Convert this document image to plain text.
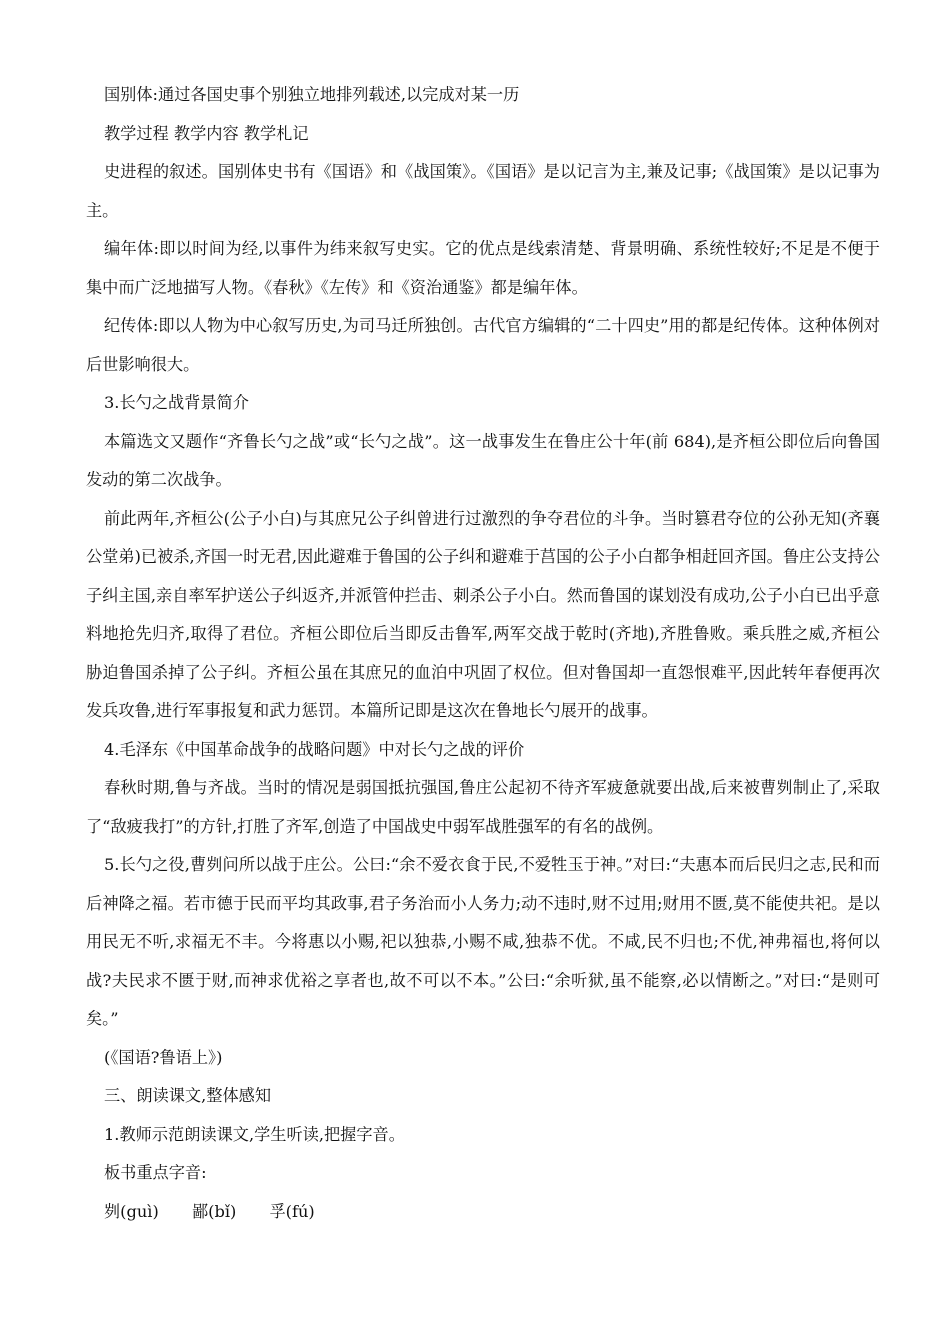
国别体:通过各国史事个别独立地排列载述,以完成对某一历

教学过程 教学内容 教学札记

史进程的叙述。国别体史书有《国语》和《战国策》。《国语》是以记言为主,兼及记事;《战国策》是以记事为主。

编年体:即以时间为经,以事件为纬来叙写史实。它的优点是线索清楚、背景明确、系统性较好;不足是不便于集中而广泛地描写人物。《春秋》《左传》和《资治通鉴》都是编年体。

纪传体:即以人物为中心叙写历史,为司马迁所独创。古代官方编辑的“二十四史”用的都是纪传体。这种体例对后世影响很大。

3.长勺之战背景简介

本篇选文又题作“齐鲁长勺之战”或“长勺之战”。这一战事发生在鲁庄公十年(前 684),是齐桓公即位后向鲁国发动的第二次战争。

前此两年,齐桓公(公子小白)与其庶兄公子纠曾进行过激烈的争夺君位的斗争。当时篡君夺位的公孙无知(齐襄公堂弟)已被杀,齐国一时无君,因此避难于鲁国的公子纠和避难于莒国的公子小白都争相赶回齐国。鲁庄公支持公子纠主国,亲自率军护送公子纠返齐,并派管仲拦击、刺杀公子小白。然而鲁国的谋划没有成功,公子小白已出乎意料地抢先归齐,取得了君位。齐桓公即位后当即反击鲁军,两军交战于乾时(齐地),齐胜鲁败。乘兵胜之威,齐桓公胁迫鲁国杀掉了公子纠。齐桓公虽在其庶兄的血泊中巩固了权位。但对鲁国却一直怨恨难平,因此转年春便再次发兵攻鲁,进行军事报复和武力惩罚。本篇所记即是这次在鲁地长勺展开的战事。

4.毛泽东《中国革命战争的战略问题》中对长勺之战的评价

春秋时期,鲁与齐战。当时的情况是弱国抵抗强国,鲁庄公起初不待齐军疲惫就要出战,后来被曹刿制止了,采取了“敌疲我打”的方针,打胜了齐军,创造了中国战史中弱军战胜强军的有名的战例。

5.长勺之役,曹刿问所以战于庄公。公曰:“余不爱衣食于民,不爱牲玉于神。”对曰:“夫惠本而后民归之志,民和而后神降之福。若市德于民而平均其政事,君子务治而小人务力;动不违时,财不过用;财用不匮,莫不能使共祀。是以用民无不听,求福无不丰。今将惠以小赐,祀以独恭,小赐不咸,独恭不优。不咸,民不归也;不优,神弗福也,将何以战?夫民求不匮于财,而神求优裕之享者也,故不可以不本。”公曰:“余听狱,虽不能察,必以情断之。”对曰:“是则可矣。”

(《国语?鲁语上》)

三、朗读课文,整体感知

1.教师示范朗读课文,学生听读,把握字音。

板书重点字音:

刿(guì) 鄙(bǐ) 孚(fú)
